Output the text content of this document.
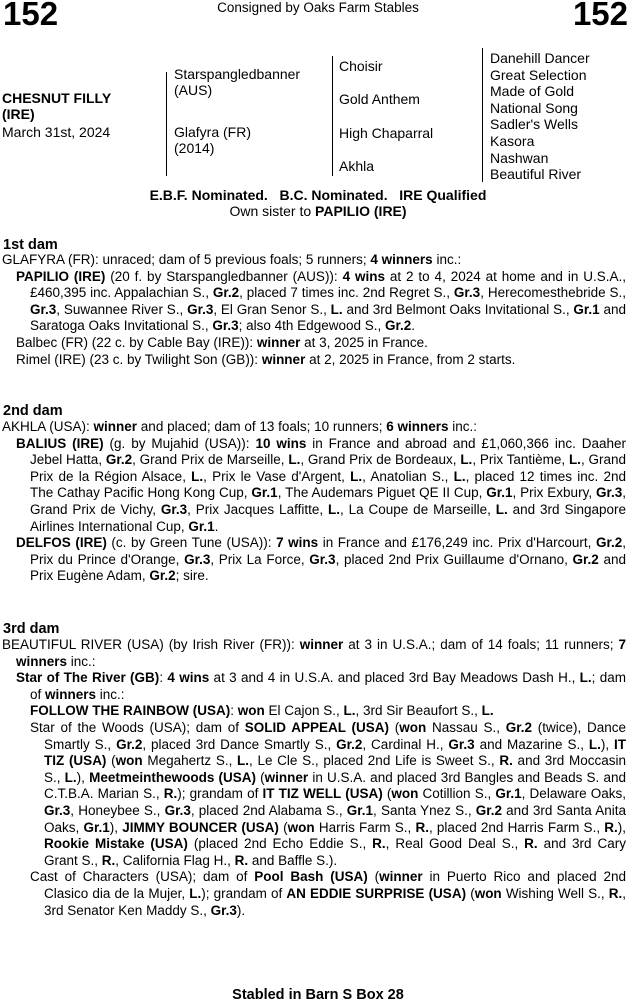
152	Consigned by Oaks Farm Stables	152
CHESNUT FILLY
(IRE)
March 31st, 2024
Starspangledbanner
(AUS)
Glafyra (FR)
(2014)
Choisir
Gold Anthem
High Chaparral
Akhla
Danehill Dancer
Great Selection
Made of Gold
National Song
Sadler's Wells
Kasora
Nashwan
Beautiful River
E.B.F. Nominated.   B.C. Nominated.   IRE Qualified
Own sister to PAPILIO (IRE)
1st dam
GLAFYRA (FR): unraced; dam of 5 previous foals; 5 runners; 4 winners inc.:
PAPILIO (IRE) (20 f. by Starspangledbanner (AUS)): 4 wins at 2 to 4, 2024 at home and in U.S.A., £460,395 inc. Appalachian S., Gr.2, placed 7 times inc. 2nd Regret S., Gr.3, Herecomesthebride S., Gr.3, Suwannee River S., Gr.3, El Gran Senor S., L. and 3rd Belmont Oaks Invitational S., Gr.1 and Saratoga Oaks Invitational S., Gr.3; also 4th Edgewood S., Gr.2.
Balbec (FR) (22 c. by Cable Bay (IRE)): winner at 3, 2025 in France.
Rimel (IRE) (23 c. by Twilight Son (GB)): winner at 2, 2025 in France, from 2 starts.
2nd dam
AKHLA (USA): winner and placed; dam of 13 foals; 10 runners; 6 winners inc.:
BALIUS (IRE) (g. by Mujahid (USA)): 10 wins in France and abroad and £1,060,366 inc. Daaher Jebel Hatta, Gr.2, Grand Prix de Marseille, L., Grand Prix de Bordeaux, L., Prix Tantième, L., Grand Prix de la Région Alsace, L., Prix le Vase d'Argent, L., Anatolian S., L., placed 12 times inc. 2nd The Cathay Pacific Hong Kong Cup, Gr.1, The Audemars Piguet QE II Cup, Gr.1, Prix Exbury, Gr.3, Grand Prix de Vichy, Gr.3, Prix Jacques Laffitte, L., La Coupe de Marseille, L. and 3rd Singapore Airlines International Cup, Gr.1.
DELFOS (IRE) (c. by Green Tune (USA)): 7 wins in France and £176,249 inc. Prix d'Harcourt, Gr.2, Prix du Prince d'Orange, Gr.3, Prix La Force, Gr.3, placed 2nd Prix Guillaume d'Ornano, Gr.2 and Prix Eugène Adam, Gr.2; sire.
3rd dam
BEAUTIFUL RIVER (USA) (by Irish River (FR)): winner at 3 in U.S.A.; dam of 14 foals; 11 runners; 7 winners inc.:
Star of The River (GB): 4 wins at 3 and 4 in U.S.A. and placed 3rd Bay Meadows Dash H., L.; dam of winners inc.:
FOLLOW THE RAINBOW (USA): won El Cajon S., L., 3rd Sir Beaufort S., L.
Star of the Woods (USA); dam of SOLID APPEAL (USA) (won Nassau S., Gr.2 (twice), Dance Smartly S., Gr.2, placed 3rd Dance Smartly S., Gr.2, Cardinal H., Gr.3 and Mazarine S., L.), IT TIZ (USA) (won Megahertz S., L., Le Cle S., placed 2nd Life is Sweet S., R. and 3rd Moccasin S., L.), Meetmeinthewoods (USA) (winner in U.S.A. and placed 3rd Bangles and Beads S. and C.T.B.A. Marian S., R.); grandam of IT TIZ WELL (USA) (won Cotillion S., Gr.1, Delaware Oaks, Gr.3, Honeybee S., Gr.3, placed 2nd Alabama S., Gr.1, Santa Ynez S., Gr.2 and 3rd Santa Anita Oaks, Gr.1), JIMMY BOUNCER (USA) (won Harris Farm S., R., placed 2nd Harris Farm S., R.), Rookie Mistake (USA) (placed 2nd Echo Eddie S., R., Real Good Deal S., R. and 3rd Cary Grant S., R., California Flag H., R. and Baffle S.).
Cast of Characters (USA); dam of Pool Bash (USA) (winner in Puerto Rico and placed 2nd Clasico dia de la Mujer, L.); grandam of AN EDDIE SURPRISE (USA) (won Wishing Well S., R., 3rd Senator Ken Maddy S., Gr.3).
Stabled in Barn S Box 28
